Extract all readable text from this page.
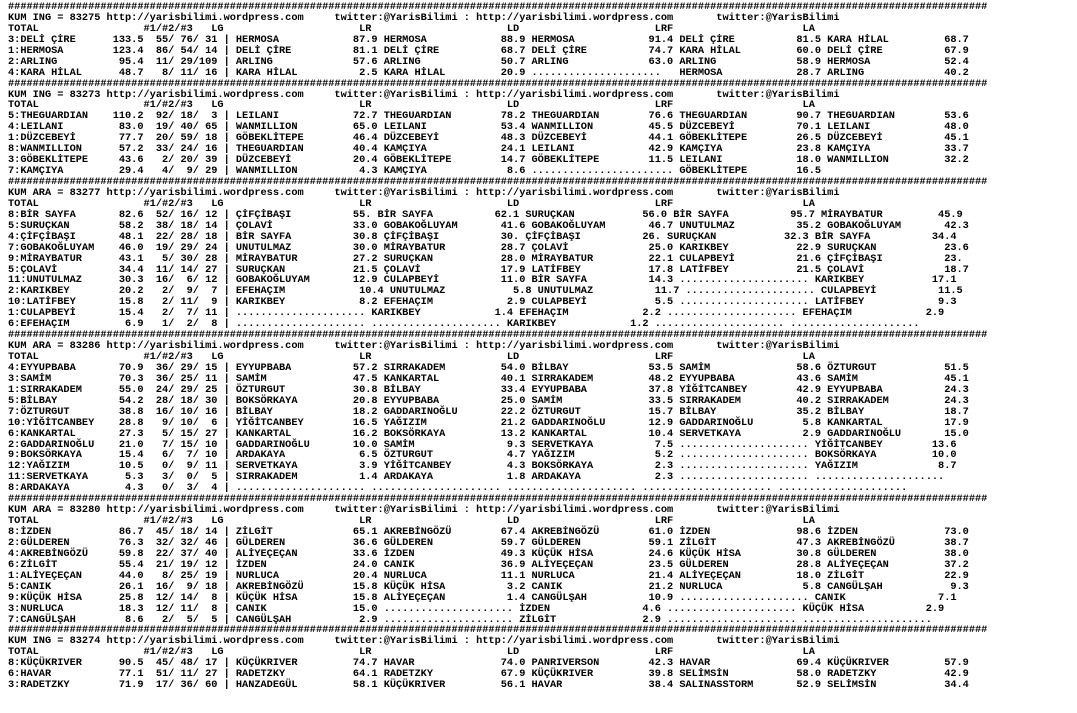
###############################################################################################################################################################
KUM ING = 83275 http://yarisbilimi.wordpress.com     twitter:@YarisBilimi : http://yarisbilimi.wordpress.com       twitter:@YarisBilimi
TOTAL                 #1/#2/#3   LG                      LR                      LD                      LRF                     LA
3:DELİ ÇİRE      133.5  55/ 76/ 31 | HERMOSA            87.9 HERMOSA            88.9 HERMOSA            91.4 DELİ ÇİRE          81.5 KARA HİLAL         68.7
1:HERMOSA        123.4  86/ 54/ 14 | DELİ ÇİRE          81.1 DELİ ÇİRE          68.7 DELİ ÇİRE          74.7 KARA HİLAL         60.0 DELİ ÇİRE          67.9
2:ARLING          95.4  11/ 29/109 | ARLING             57.6 ARLING             50.7 ARLING             63.0 ARLING             58.9 HERMOSA            52.4
4:KARA HİLAL      48.7   8/ 11/ 16 | KARA HİLAL          2.5 KARA HİLAL         20.9 .....................   HERMOSA            28.7 ARLING             40.2
###############################################################################################################################################################
KUM ING = 83273 http://yarisbilimi.wordpress.com     twitter:@YarisBilimi : http://yarisbilimi.wordpress.com       twitter:@YarisBilimi
TOTAL                 #1/#2/#3   LG                      LR                      LD                      LRF                     LA
5:THEGUARDIAN    110.2  92/ 18/  3 | LEILANI            72.7 THEGUARDIAN        78.2 THEGUARDIAN        76.6 THEGUARDIAN        90.7 THEGUARDIAN        53.6
4:LEILANI         83.0  19/ 40/ 65 | WANMILLION         65.0 LEILANI            53.4 WANMILLION         45.5 DÜZCEBEYİ          70.1 LEILANI            48.0
1:DÜZCEBEYİ       77.7  20/ 59/ 18 | GÖBEKLİTEPE        46.4 DÜZCEBEYİ          48.3 DÜZCEBEYİ          44.1 GÖBEKLİTEPE        26.5 DÜZCEBEYİ          45.1
8:WANMILLION      57.2  33/ 24/ 16 | THEGUARDIAN        40.4 KAMÇIYA            24.1 LEILANI            42.9 KAMÇIYA            23.8 KAMÇIYA            33.7
3:GÖBEKLİTEPE     43.6   2/ 20/ 39 | DÜZCEBEYİ          20.4 GÖBEKLİTEPE        14.7 GÖBEKLİTEPE        11.5 LEILANI            18.0 WANMILLION         32.2
7:KAMÇIYA         29.4   4/  9/ 29 | WANMILLION          4.3 KAMÇIYA             8.6 ....................... GÖBEKLİTEPE        16.5
###############################################################################################################################################################
KUM ARA = 83277 http://yarisbilimi.wordpress.com     twitter:@YarisBilimi : http://yarisbilimi.wordpress.com       twitter:@YarisBilimi
TOTAL                 #1/#2/#3   LG                      LR                      LD                      LRF                     LA
8:BİR SAYFA       82.6  52/ 16/ 12 | ÇİFÇİBAŞI          55. BİR SAYFA          62.1 SURUÇKAN           56.0 BİR SAYFA          95.7 MİRAYBATUR         45.9
5:SURUÇKAN        58.2  38/ 18/ 14 | ÇOLAVİ             33.0 GOBAKOĞLUYAM       41.6 GOBAKOĞLUYAM       46.7 UNUTULMAZ          35.2 GOBAKOĞLUYAM       42.3
4:ÇİFÇİBAŞI       48.1  22/ 28/ 18 | BİR SAYFA          30.8 ÇİFÇİBAŞI          30. ÇİFÇİBAŞI          26. SURUÇKAN           32.3 BİR SAYFA          34.4
7:GOBAKOĞLUYAM    46.0  19/ 29/ 24 | UNUTULMAZ          30.0 MİRAYBATUR         28.7 ÇOLAVİ             25.0 KARIKBEY           22.9 SURUÇKAN           23.6
9:MİRAYBATUR      43.1   5/ 30/ 28 | MİRAYBATUR         27.2 SURUÇKAN           28.0 MİRAYBATUR         22.1 CULAPBEYİ          21.6 ÇİFÇİBAŞI          23.
5:ÇOLAVİ          34.4  11/ 14/ 27 | SURUÇKAN           21.5 ÇOLAVİ             17.9 LATİFBEY           17.8 LATİFBEY           21.5 ÇOLAVİ             18.7
11:UNUTULMAZ      30.3  16/  6/ 12 | GOBAKOĞLUYAM       12.9 CULAPBEYİ          11.0 BİR SAYFA          14.3 ..................... KARIKBEY           17.1
2:KARIKBEY        20.2   2/  9/  7 | EFEHAÇIM            10.4 UNUTULMAZ           5.8 UNUTULMAZ          11.7 ..................... CULAPBEYİ          11.5
10:LATİFBEY       15.8   2/ 11/  9 | KARIKBEY            8.2 EFEHAÇIM            2.9 CULAPBEYİ           5.5 ..................... LATİFBEY            9.3
1:CULAPBEYİ       15.4   2/  7/ 11 | ..................... KARIKBEY            1.4 EFEHAÇIM            2.2 ..................... EFEHAÇIM            2.9
6:EFEHAÇIM         6.9   1/  2/  8 | ..................... ..................... KARIKBEY            1.2 ..................... .....................
###############################################################################################################################################################
KUM ARA = 83286 http://yarisbilimi.wordpress.com     twitter:@YarisBilimi : http://yarisbilimi.wordpress.com       twitter:@YarisBilimi
TOTAL                 #1/#2/#3   LG                      LR                      LD                      LRF                     LA
4:EYYUPBABA       70.9  36/ 29/ 15 | EYYUPBABA          57.2 SIRRAKADEM         54.0 BİLBAY             53.5 SAMİM              58.6 ÖZTURGUT           51.5
3:SAMİM           70.3  36/ 25/ 11 | SAMİM              47.5 KANKARTAL          40.1 SIRRAKADEM         48.2 EYYUPBABA          43.6 SAMİM              45.1
1:SIRRAKADEM      55.0  24/ 29/ 25 | ÖZTURGUT           30.8 BİLBAY             33.4 EYYUPBABA          37.8 YİĞİTCANBEY        42.9 EYYUPBABA          24.3
5:BİLBAY          54.2  28/ 18/ 30 | BOKSÖRKAYA         20.8 EYYUPBABA          25.0 SAMİM              33.5 SIRRAKADEM         40.2 SIRRAKADEM         24.3
7:ÖZTURGUT        38.8  16/ 10/ 16 | BİLBAY             18.2 GADDARINOĞLU       22.2 ÖZTURGUT           15.7 BİLBAY             35.2 BİLBAY             18.7
10:YİĞİTCANBEY    28.8   9/ 10/  6 | YİĞİTCANBEY        16.5 YAĞIZIM            21.2 GADDARINOĞLU       12.9 GADDARINOĞLU        5.8 KANKARTAL          17.9
6:KANKARTAL       27.3   5/ 15/ 27 | KANKARTAL          16.2 BOKSÖRKAYA         13.2 KANKARTAL          10.4 SERVETKAYA          2.9 GADDARINOĞLU       15.0
2:GADDARINOĞLU    21.0   7/ 15/ 10 | GADDARINOĞLU       10.0 SAMİM               9.3 SERVETKAYA          7.5 ..................... YİĞİTCANBEY        13.6
9:BOKSÖRKAYA      15.4   6/  7/ 10 | ARDAKAYA            6.5 ÖZTURGUT            4.7 YAĞIZIM             5.2 ..................... BOKSÖRKAYA         10.0
12:YAĞIZIM        10.5   0/  9/ 11 | SERVETKAYA          3.9 YİĞİTCANBEY         4.3 BOKSÖRKAYA          2.3 ..................... YAĞIZIM             8.7
11:SERVETKAYA      5.3   3/  0/  5 | SIRRAKADEM          1.4 ARDAKAYA            1.8 ARDAKAYA            2.3 ..................... .....................
8:ARDAKAYA         4.3   0/  3/  4 | ..................... ..................... ..................... ..................... .....................
###############################################################################################################################################################
KUM ARA = 83280 http://yarisbilimi.wordpress.com     twitter:@YarisBilimi : http://yarisbilimi.wordpress.com       twitter:@YarisBilimi
TOTAL                 #1/#2/#3   LG                      LR                      LD                      LRF                     LA
8:İZDEN           86.7  45/ 18/ 14 | ZİLGİT             65.1 AKREBİNGÖZÜ        67.4 AKREBİNGÖZÜ        61.0 İZDEN              98.6 İZDEN              73.0
2:GÜLDEREN        76.3  32/ 32/ 46 | GÜLDEREN           36.6 GÜLDEREN           59.7 GÜLDEREN           59.1 ZİLGİT             47.3 AKREBİNGÖZÜ        38.7
4:AKREBİNGÖZÜ     59.8  22/ 37/ 40 | ALİYEÇEÇAN         33.6 İZDEN              49.3 KÜÇÜK HİSA         24.6 KÜÇÜK HİSA         30.8 GÜLDEREN           38.0
6:ZİLGİT          55.4  21/ 19/ 12 | İZDEN              24.0 CANIK              36.9 ALİYEÇEÇAN         23.5 GÜLDEREN           28.8 ALİYEÇEÇAN         37.2
1:ALİYEÇEÇAN      44.0   8/ 25/ 19 | NURLUCA            20.4 NURLUCA            11.1 NURLUCA            21.4 ALİYEÇEÇAN         18.0 ZİLGİT             22.9
5:CANIK           26.1  16/  9/ 18 | AKREBİNGÖZÜ        15.8 KÜÇÜK HİSA          3.2 CANIK              21.2 NURLUCA             5.8 CANGÜLŞAH           9.3
9:KÜÇÜK HİSA      25.8  12/ 14/  8 | KÜÇÜK HİSA         15.8 ALİYEÇEÇAN          1.4 CANGÜLŞAH          10.9 ..................... CANIK               7.1
3:NURLUCA         18.3  12/ 11/  8 | CANIK              15.0 ..................... İZDEN               4.6 ..................... KÜÇÜK HİSA          2.9
7:CANGÜLŞAH        8.6   2/  5/  5 | CANGÜLŞAH           2.9 ..................... ZİLGİT              2.9 ..................... .....................
###############################################################################################################################################################
KUM ING = 83274 http://yarisbilimi.wordpress.com     twitter:@YarisBilimi : http://yarisbilimi.wordpress.com       twitter:@YarisBilimi
TOTAL                 #1/#2/#3   LG                      LR                      LD                      LRF                     LA
8:KÜÇÜKRIVER      90.5  45/ 48/ 17 | KÜÇÜKRIVER         74.7 HAVAR              74.0 PANRIVERSON        42.3 HAVAR              69.4 KÜÇÜKRIVER         57.9
6:HAVAR           77.1  51/ 11/ 27 | RADETZKY           64.1 RADETZKY           67.9 KÜÇÜKRIVER         39.8 SELİMSİN           58.0 RADETZKY           42.9
3:RADETZKY        71.9  17/ 36/ 60 | HANZADEGÜL         58.1 KÜÇÜKRIVER         56.1 HAVAR              38.4 SALINASSTORM       52.9 SELİMSİN           34.4
